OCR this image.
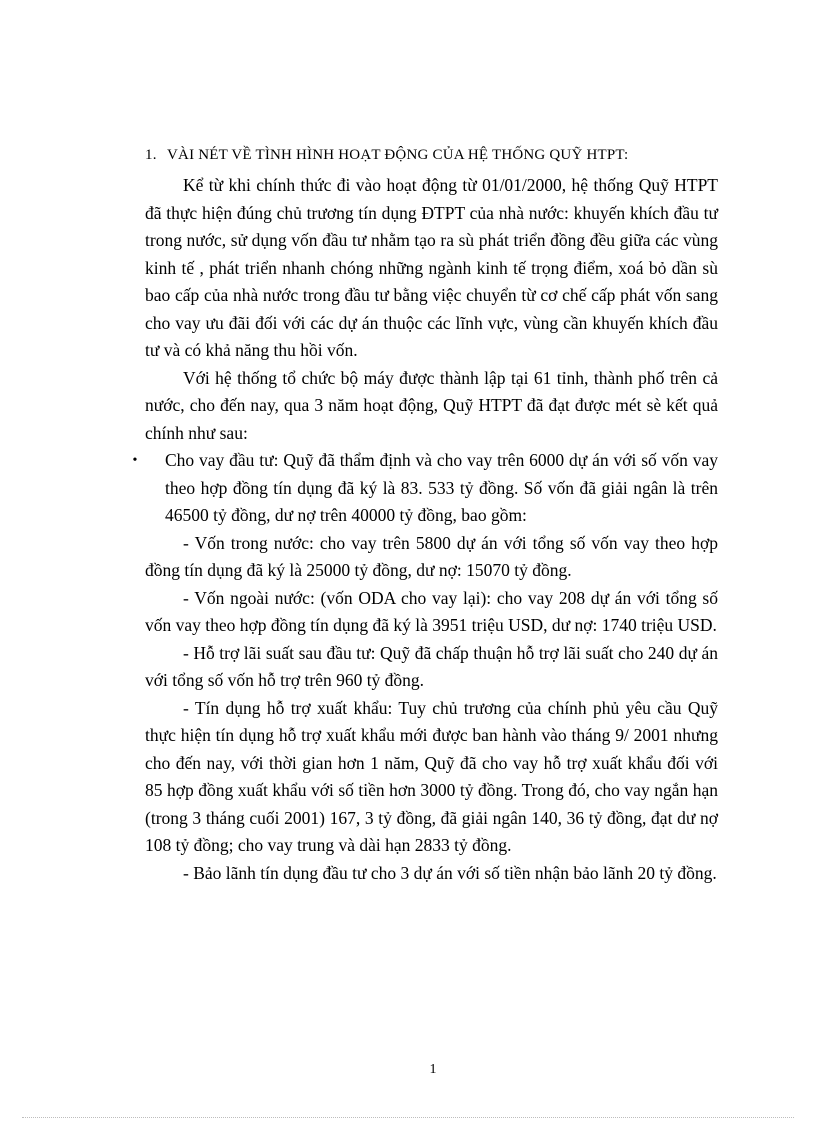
1. VÀI NÉT VỀ TÌNH HÌNH HOẠT ĐỘNG CỦA HỆ THỐNG QUỸ HTPT:

Kể từ khi chính thức đi vào hoạt động từ 01/01/2000, hệ thống Quỹ HTPT đã thực hiện đúng chủ trương tín dụng ĐTPT của nhà nước: khuyến khích đầu tư trong nước, sử dụng vốn đầu tư nhằm tạo ra sù phát triển đồng đều giữa các vùng kinh tế , phát triển nhanh chóng những ngành kinh tế trọng điểm, xoá bỏ dần sù bao cấp của nhà nước trong đầu tư bằng việc chuyển từ cơ chế cấp phát vốn sang cho vay ưu đãi đối với các dự án thuộc các lĩnh vực, vùng cần khuyến khích đầu tư và có khả năng thu hồi vốn.

Với hệ thống tổ chức bộ máy được thành lập tại 61 tỉnh, thành phố trên cả nước, cho đến nay, qua 3 năm hoạt động, Quỹ HTPT đã đạt được mét sè kết quả chính như sau:

•	Cho vay đầu tư: Quỹ đã thẩm định và cho vay trên 6000 dự án với số vốn vay theo hợp đồng tín dụng đã ký là 83. 533 tỷ đồng. Số vốn đã giải ngân là trên 46500 tỷ đồng, dư nợ trên 40000 tỷ đồng, bao gồm:

- Vốn trong nước: cho vay trên 5800 dự án với tổng số vốn vay theo hợp đồng tín dụng đã ký là 25000 tỷ đồng, dư nợ: 15070 tỷ đồng.

- Vốn ngoài nước: (vốn ODA cho vay lại): cho vay 208 dự án với tổng số vốn vay theo hợp đồng tín dụng đã ký là 3951 triệu USD, dư nợ: 1740 triệu USD.

- Hỗ trợ lãi suất sau đầu tư: Quỹ đã chấp thuận hỗ trợ lãi suất cho 240 dự án với tổng số vốn hỗ trợ trên 960 tỷ đồng.

- Tín dụng hỗ trợ xuất khẩu: Tuy chủ trương của chính phủ yêu cầu Quỹ thực hiện tín dụng hỗ trợ xuất khẩu mới được ban hành vào tháng 9/ 2001 nhưng cho đến nay, với thời gian hơn 1 năm, Quỹ đã cho vay hỗ trợ xuất khẩu đối với 85 hợp đồng xuất khẩu với số tiền hơn 3000 tỷ đồng. Trong đó, cho vay ngắn hạn (trong 3 tháng cuối 2001) 167, 3 tỷ đồng, đã giải ngân 140, 36 tỷ đồng, đạt dư nợ 108 tỷ đồng; cho vay trung và dài hạn 2833 tỷ đồng.

- Bảo lãnh tín dụng đầu tư cho 3 dự án với số tiền nhận bảo lãnh 20 tỷ đồng.

1
